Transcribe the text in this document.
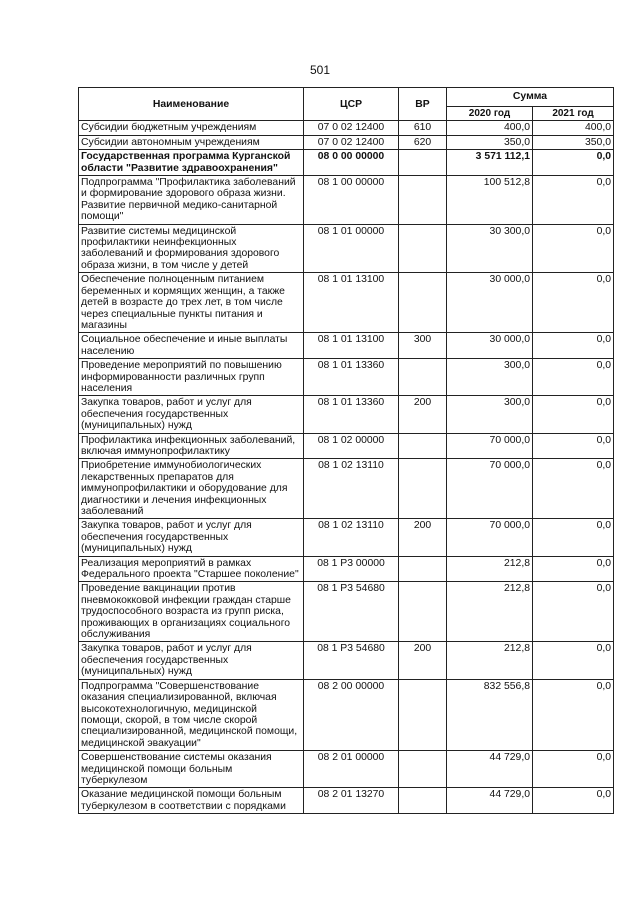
501
Наименование	ЦСР	ВР	Сумма	
			2020 год	2021 год
Субсидии бюджетным учреждениям	07 0 02 12400	610	400,0	400,0
Субсидии автономным учреждениям	07 0 02 12400	620	350,0	350,0
Государственная программа Курганской области "Развитие здравоохранения"	08 0 00 00000		3 571 112,1	0,0
Подпрограмма "Профилактика заболеваний и формирование здорового образа жизни. Развитие первичной медико-санитарной помощи"	08 1 00 00000		100 512,8	0,0
Развитие системы медицинской профилактики неинфекционных заболеваний и формирования здорового образа жизни, в том числе у детей	08 1 01 00000		30 300,0	0,0
Обеспечение полноценным питанием беременных и кормящих женщин, а также детей в возрасте до трех лет, в том числе через специальные пункты питания и магазины	08 1 01 13100		30 000,0	0,0
Социальное обеспечение и иные выплаты населению	08 1 01 13100	300	30 000,0	0,0
Проведение мероприятий по повышению информированности различных групп населения	08 1 01 13360		300,0	0,0
Закупка товаров, работ и услуг для обеспечения государственных (муниципальных) нужд	08 1 01 13360	200	300,0	0,0
Профилактика инфекционных заболеваний, включая иммунопрофилактику	08 1 02 00000		70 000,0	0,0
Приобретение иммунобиологических лекарственных препаратов для иммунопрофилактики и оборудование для диагностики и лечения инфекционных заболеваний	08 1 02 13110		70 000,0	0,0
Закупка товаров, работ и услуг для обеспечения государственных (муниципальных) нужд	08 1 02 13110	200	70 000,0	0,0
Реализация мероприятий в рамках Федерального проекта "Старшее поколение"	08 1 P3 00000		212,8	0,0
Проведение вакцинации против пневмококковой инфекции граждан старше трудоспособного возраста из групп риска, проживающих в организациях социального обслуживания	08 1 P3 54680		212,8	0,0
Закупка товаров, работ и услуг для обеспечения государственных (муниципальных) нужд	08 1 P3 54680	200	212,8	0,0
Подпрограмма "Совершенствование оказания специализированной, включая высокотехнологичную, медицинской помощи, скорой, в том числе скорой специализированной, медицинской помощи, медицинской эвакуации"	08 2 00 00000		832 556,8	0,0
Совершенствование системы оказания медицинской помощи больным туберкулезом	08 2 01 00000		44 729,0	0,0
Оказание медицинской помощи больным туберкулезом в соответствии с порядками	08 2 01 13270		44 729,0	0,0
